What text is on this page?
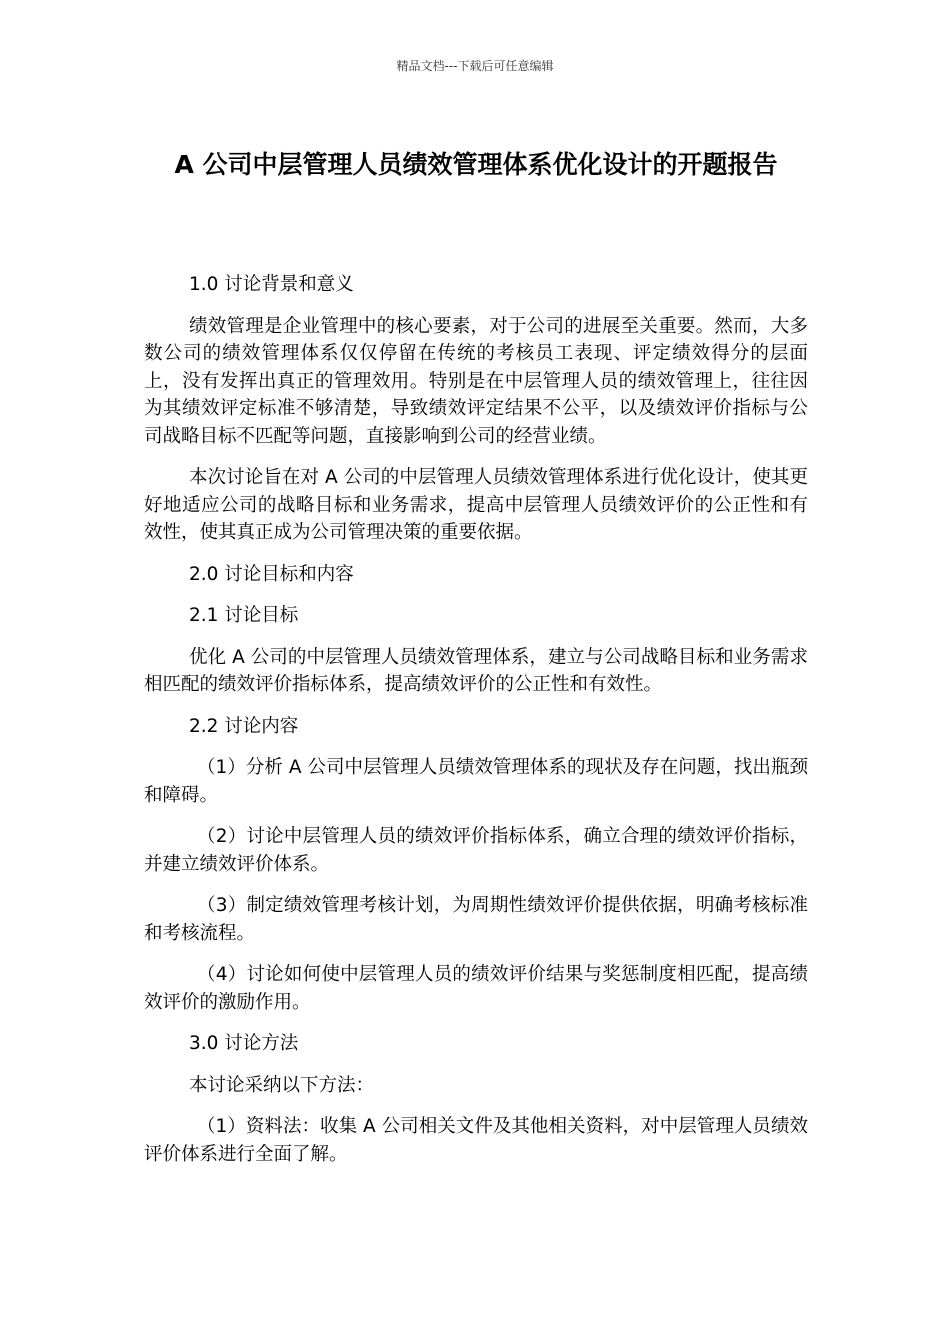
精品文档---下载后可任意编辑
A 公司中层管理人员绩效管理体系优化设计的开题报告

1.0 讨论背景和意义

绩效管理是企业管理中的核心要素，对于公司的进展至关重要。然而，大多数公司的绩效管理体系仅仅停留在传统的考核员工表现、评定绩效得分的层面上，没有发挥出真正的管理效用。特别是在中层管理人员的绩效管理上，往往因为其绩效评定标准不够清楚，导致绩效评定结果不公平，以及绩效评价指标与公司战略目标不匹配等问题，直接影响到公司的经营业绩。

本次讨论旨在对 A 公司的中层管理人员绩效管理体系进行优化设计，使其更好地适应公司的战略目标和业务需求，提高中层管理人员绩效评价的公正性和有效性，使其真正成为公司管理决策的重要依据。

2.0 讨论目标和内容

2.1 讨论目标

优化 A 公司的中层管理人员绩效管理体系，建立与公司战略目标和业务需求相匹配的绩效评价指标体系，提高绩效评价的公正性和有效性。

2.2 讨论内容

（1）分析 A 公司中层管理人员绩效管理体系的现状及存在问题，找出瓶颈和障碍。

（2）讨论中层管理人员的绩效评价指标体系，确立合理的绩效评价指标，并建立绩效评价体系。

（3）制定绩效管理考核计划，为周期性绩效评价提供依据，明确考核标准和考核流程。

（4）讨论如何使中层管理人员的绩效评价结果与奖惩制度相匹配，提高绩效评价的激励作用。

3.0 讨论方法

本讨论采纳以下方法：

（1）资料法：收集 A 公司相关文件及其他相关资料，对中层管理人员绩效评价体系进行全面了解。
